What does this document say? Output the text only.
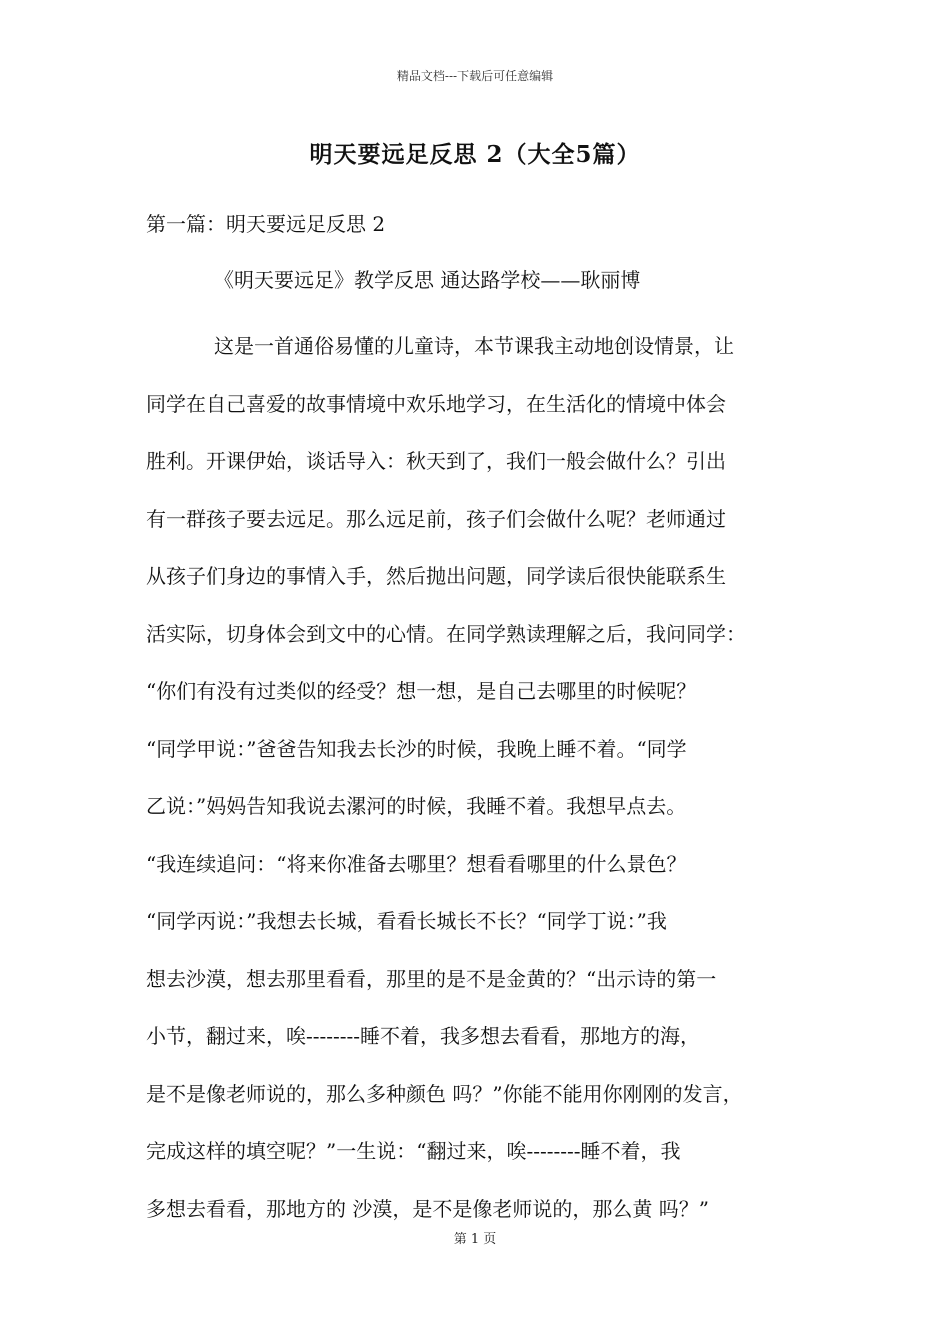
精品文档---下载后可任意编辑
明天要远足反思 2（大全5篇）
第一篇：明天要远足反思 2
《明天要远足》教学反思 通达路学校——耿丽博
这是一首通俗易懂的儿童诗，本节课我主动地创设情景，让
同学在自己喜爱的故事情境中欢乐地学习，在生活化的情境中体会
胜利。开课伊始，谈话导入：秋天到了，我们一般会做什么？引出
有一群孩子要去远足。那么远足前，孩子们会做什么呢？老师通过
从孩子们身边的事情入手，然后抛出问题，同学读后很快能联系生
活实际，切身体会到文中的心情。在同学熟读理解之后，我问同学：
“你们有没有过类似的经受？想一想，是自己去哪里的时候呢？
“同学甲说：”爸爸告知我去长沙的时候，我晚上睡不着。“同学
乙说：”妈妈告知我说去漯河的时候，我睡不着。我想早点去。
“我连续追问：“将来你准备去哪里？想看看哪里的什么景色？
“同学丙说：”我想去长城，看看长城长不长？“同学丁说：”我
想去沙漠，想去那里看看，那里的是不是金黄的？“出示诗的第一
小节，翻过来，唉--------睡不着，我多想去看看，那地方的海，
是不是像老师说的，那么多种颜色 吗？”你能不能用你刚刚的发言，
完成这样的填空呢？”一生说：“翻过来，唉--------睡不着，我
多想去看看，那地方的 沙漠，是不是像老师说的，那么黄 吗？”
第 1 页
